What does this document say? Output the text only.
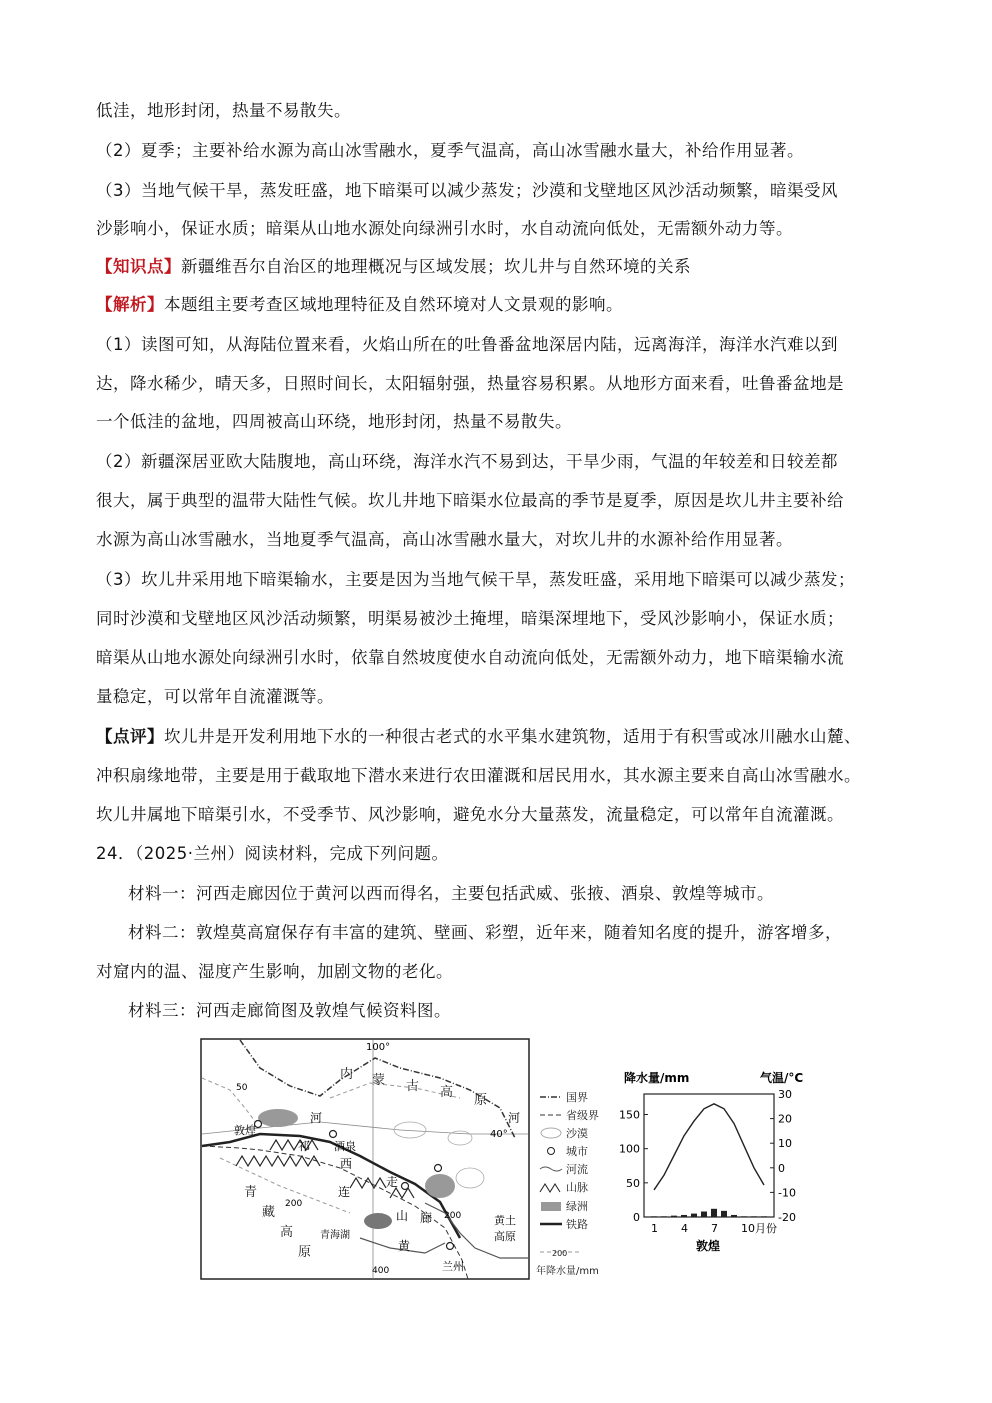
低洼，地形封闭，热量不易散失。
（2）夏季；主要补给水源为高山冰雪融水，夏季气温高，高山冰雪融水量大，补给作用显著。
（3）当地气候干旱，蒸发旺盛，地下暗渠可以减少蒸发；沙漠和戈壁地区风沙活动频繁，暗渠受风
沙影响小，保证水质；暗渠从山地水源处向绿洲引水时，水自动流向低处，无需额外动力等。
【知识点】新疆维吾尔自治区的地理概况与区域发展；坎儿井与自然环境的关系
【解析】本题组主要考查区域地理特征及自然环境对人文景观的影响。
（1）读图可知，从海陆位置来看，火焰山所在的吐鲁番盆地深居内陆，远离海洋，海洋水汽难以到
达，降水稀少，晴天多，日照时间长，太阳辐射强，热量容易积累。从地形方面来看，吐鲁番盆地是
一个低洼的盆地，四周被高山环绕，地形封闭，热量不易散失。
（2）新疆深居亚欧大陆腹地，高山环绕，海洋水汽不易到达，干旱少雨，气温的年较差和日较差都
很大，属于典型的温带大陆性气候。坎儿井地下暗渠水位最高的季节是夏季，原因是坎儿井主要补给
水源为高山冰雪融水，当地夏季气温高，高山冰雪融水量大，对坎儿井的水源补给作用显著。
（3）坎儿井采用地下暗渠输水，主要是因为当地气候干旱，蒸发旺盛，采用地下暗渠可以减少蒸发；
同时沙漠和戈壁地区风沙活动频繁，明渠易被沙土掩埋，暗渠深埋地下，受风沙影响小，保证水质；
暗渠从山地水源处向绿洲引水时，依靠自然坡度使水自动流向低处，无需额外动力，地下暗渠输水流
量稳定，可以常年自流灌溉等。
【点评】坎儿井是开发利用地下水的一种很古老式的水平集水建筑物，适用于有积雪或冰川融水山麓、
冲积扇缘地带，主要是用于截取地下潜水来进行农田灌溉和居民用水，其水源主要来自高山冰雪融水。
坎儿井属地下暗渠引水，不受季节、风沙影响，避免水分大量蒸发，流量稳定，可以常年自流灌溉。
24．（2025·兰州）阅读材料，完成下列问题。
材料一：河西走廊因位于黄河以西而得名，主要包括武威、张掖、酒泉、敦煌等城市。
材料二：敦煌莫高窟保存有丰富的建筑、壁画、彩塑，近年来，随着知名度的提升，游客增多，
对窟内的温、湿度产生影响，加剧文物的老化。
材料三：河西走廊简图及敦煌气候资料图。
100°
40°
50
200
200
400
内 蒙 古 高
原
青
藏
高
原
河
西
走
廊
河
祁
连
山
敦煌
酒泉
青海湖
黄
黄土
高原
兰州
国界
省级界
沙漠
城市
河流
山脉
绿洲
铁路
200
年降水量/mm
降水量/mm	气温/°C
0
50
100
150
-20
-10
0
10
20
30
1 4 7 10月份
敦煌
